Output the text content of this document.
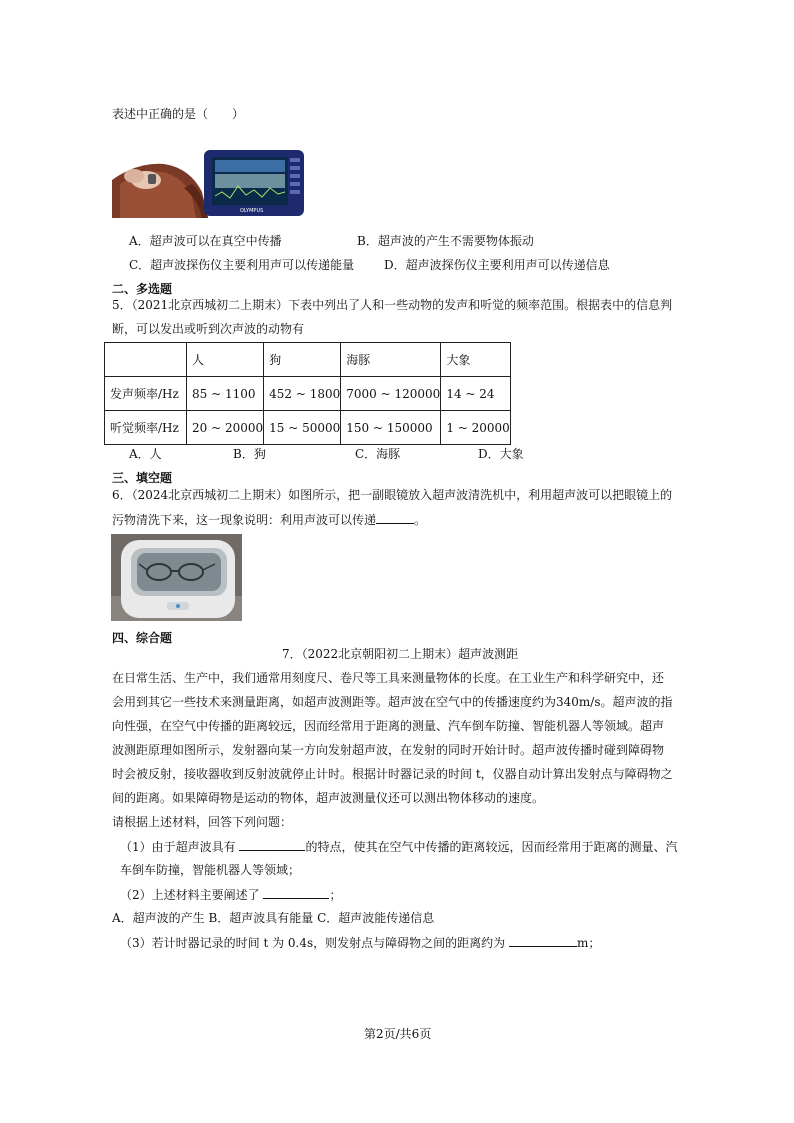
表述中正确的是（　　）
OLYMPUS
A．超声波可以在真空中传播	B．超声波的产生不需要物体振动
C．超声波探伤仪主要利用声可以传递能量 D．超声波探伤仪主要利用声可以传递信息
二、多选题
5．（2021北京西城初二上期末）下表中列出了人和一些动物的发声和听觉的频率范围。根据表中的信息判
断，可以发出或听到次声波的动物有
	人	狗	海豚	大象
发声频率/Hz	85 ~ 1100	452 ~ 1800	7000 ~ 120000	14 ~ 24
听觉频率/Hz	20 ~ 20000	15 ~ 50000	150 ~ 150000	1 ~ 20000
A．人	B．狗	C．海豚	D．大象
三、填空题
6．（2024北京西城初二上期末）如图所示，把一副眼镜放入超声波清洗机中，利用超声波可以把眼镜上的
污物清洗下来，这一现象说明：利用声波可以传递	。
四、综合题
7．（2022北京朝阳初二上期末）超声波测距
在日常生活、生产中，我们通常用刻度尺、卷尺等工具来测量物体的长度。在工业生产和科学研究中，还
会用到其它一些技术来测量距离，如超声波测距等。超声波在空气中的传播速度约为340m/s。超声波的指
向性强，在空气中传播的距离较远，因而经常用于距离的测量、汽车倒车防撞、智能机器人等领域。超声
波测距原理如图所示，发射器向某一方向发射超声波，在发射的同时开始计时。超声波传播时碰到障碍物
时会被反射，接收器收到反射波就停止计时。根据计时器记录的时间 t，仪器自动计算出发射点与障碍物之
间的距离。如果障碍物是运动的物体，超声波测量仪还可以测出物体移动的速度。
请根据上述材料，回答下列问题：
（1）由于超声波具有	的特点，使其在空气中传播的距离较远，因而经常用于距离的测量、汽
车倒车防撞，智能机器人等领域；
（2）上述材料主要阐述了	；
A．超声波的产生 B．超声波具有能量 C．超声波能传递信息
（3）若计时器记录的时间 t 为 0.4s，则发射点与障碍物之间的距离约为	m；
第2页/共6页
